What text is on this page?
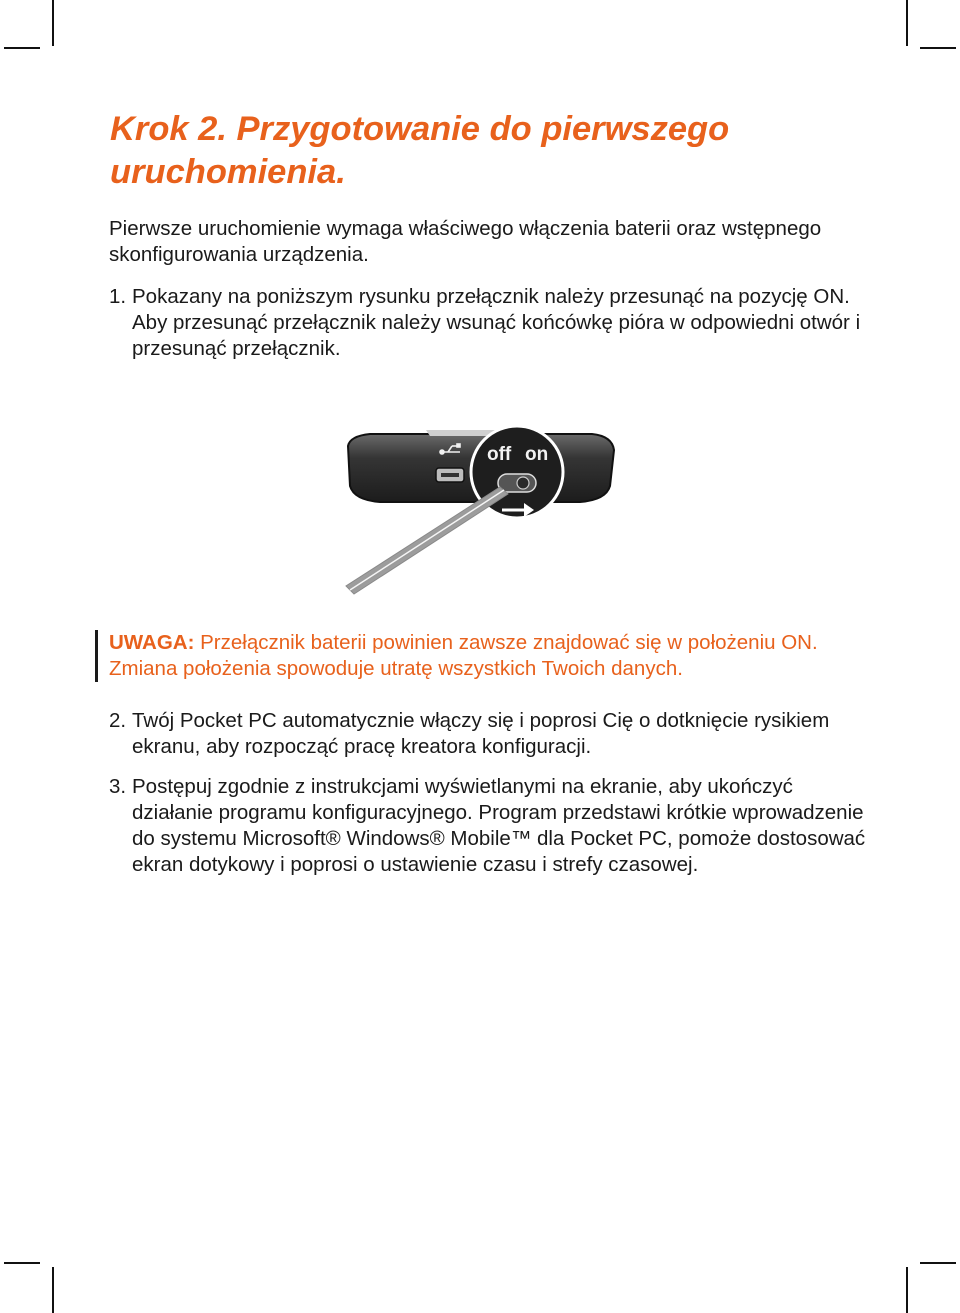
Krok 2. Przygotowanie do pierwszego uruchomienia.

Pierwsze uruchomienie wymaga właściwego włączenia baterii oraz wstępnego skonfigurowania urządzenia.

1. Pokazany na poniższym rysunku przełącznik należy przesunąć na pozycję ON. Aby przesunąć przełącznik należy wsunąć końcówkę pióra w odpowiedni otwór i przesunąć przełącznik.
off on
UWAGA: Przełącznik baterii powinien zawsze znajdować się w położeniu ON. Zmiana położenia spowoduje utratę wszystkich Twoich danych.
2. Twój Pocket PC automatycznie włączy się i poprosi Cię o dotknięcie rysikiem ekranu, aby rozpocząć pracę kreatora konfiguracji.
3. Postępuj zgodnie z instrukcjami wyświetlanymi na ekranie, aby ukończyć działanie programu konfiguracyjnego. Program przedstawi krótkie wprowadzenie do systemu Microsoft® Windows® Mobile™ dla Pocket PC, pomoże dostosować ekran dotykowy i poprosi o ustawienie czasu i strefy czasowej.
